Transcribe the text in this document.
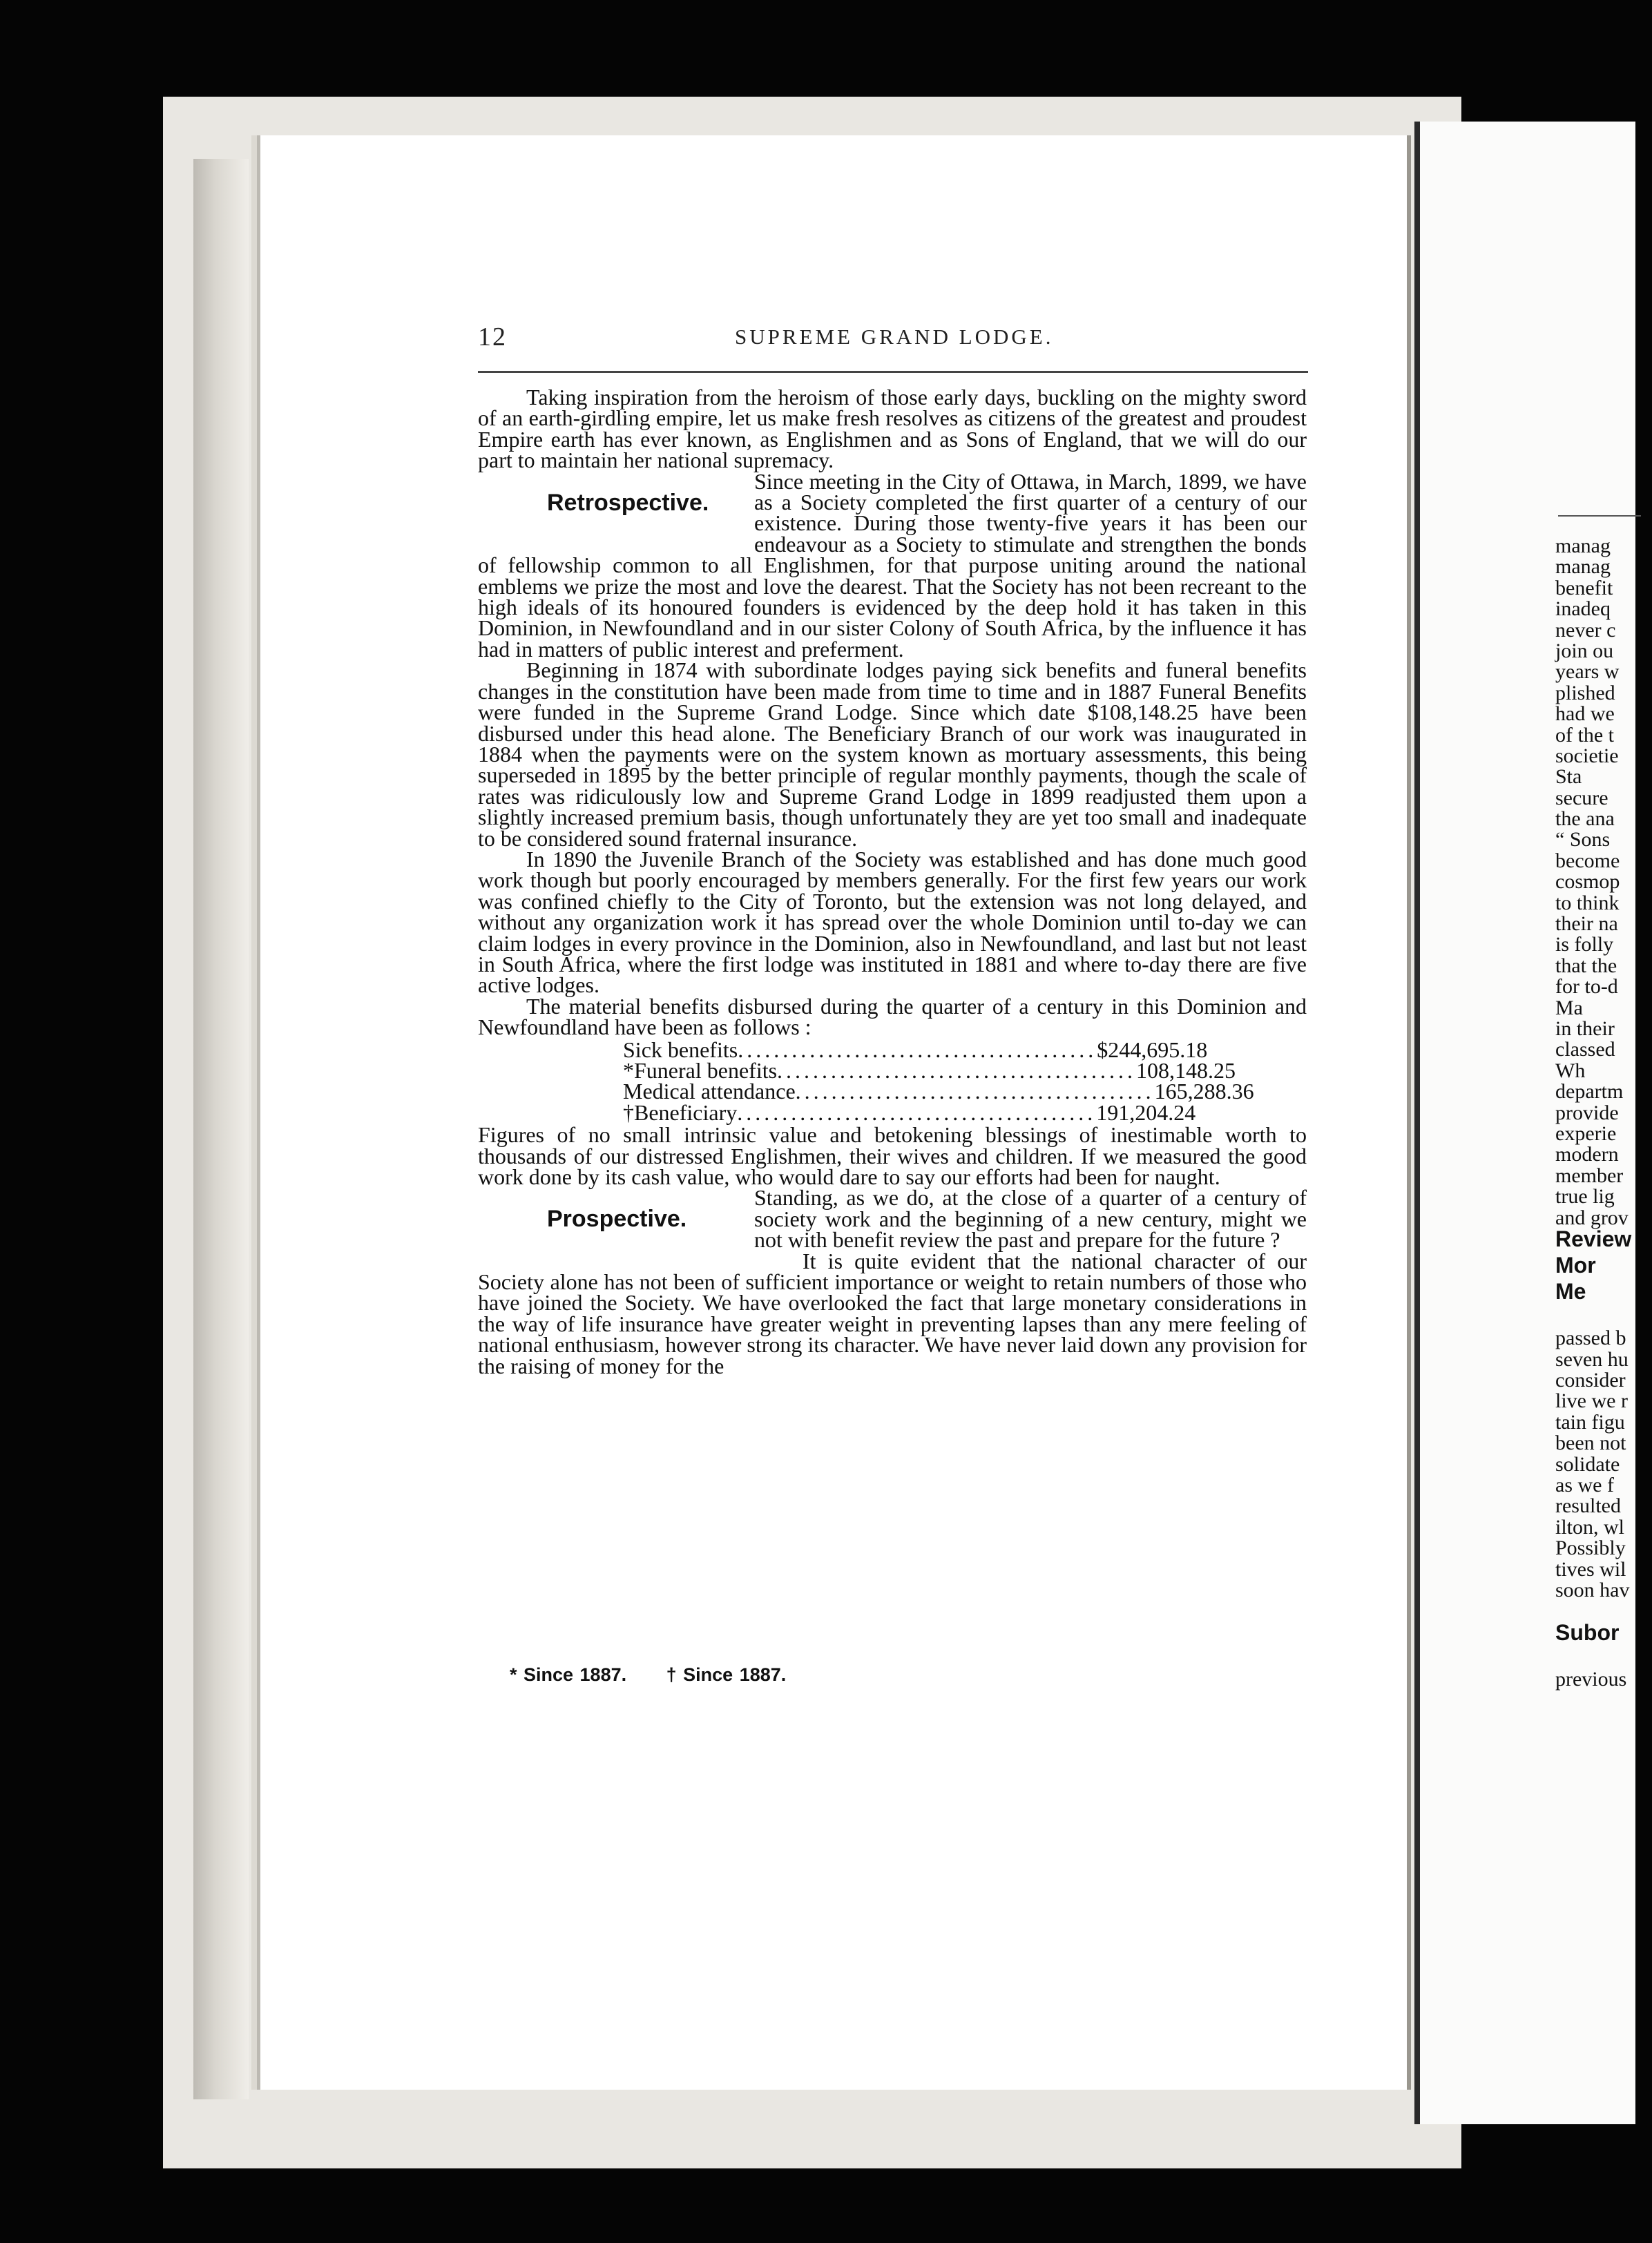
12	SUPREME GRAND LODGE.

Taking inspiration from the heroism of those early days, buckling on the mighty sword of an earth-girdling empire, let us make fresh resolves as citizens of the greatest and proudest Empire earth has ever known, as Englishmen and as Sons of England, that we will do our part to maintain her national supremacy.

Retrospective.
Since meeting in the City of Ottawa, in March, 1899, we have as a Society completed the first quarter of a century of our existence. During those twenty-five years it has been our endeavour as a Society to stimulate and strengthen the bonds of fellowship common to all Englishmen, for that purpose uniting around the national emblems we prize the most and love the dearest. That the Society has not been recreant to the high ideals of its honoured founders is evidenced by the deep hold it has taken in this Dominion, in Newfoundland and in our sister Colony of South Africa, by the influence it has had in matters of public interest and preferment.

Beginning in 1874 with subordinate lodges paying sick benefits and funeral benefits changes in the constitution have been made from time to time and in 1887 Funeral Benefits were funded in the Supreme Grand Lodge. Since which date $108,148.25 have been disbursed under this head alone. The Beneficiary Branch of our work was inaugurated in 1884 when the payments were on the system known as mortuary assessments, this being superseded in 1895 by the better principle of regular monthly payments, though the scale of rates was ridiculously low and Supreme Grand Lodge in 1899 readjusted them upon a slightly increased premium basis, though unfortunately they are yet too small and inadequate to be considered sound fraternal insurance.

In 1890 the Juvenile Branch of the Society was established and has done much good work though but poorly encouraged by members generally. For the first few years our work was confined chiefly to the City of Toronto, but the extension was not long delayed, and without any organization work it has spread over the whole Dominion until to-day we can claim lodges in every province in the Dominion, also in Newfoundland, and last but not least in South Africa, where the first lodge was instituted in 1881 and where to-day there are five active lodges.

The material benefits disbursed during the quarter of a century in this Dominion and Newfoundland have been as follows :

Sick benefits ........................................ $244,695.18
*Funeral benefits ........................................ 108,148.25
Medical attendance ........................................ 165,288.36
†Beneficiary ........................................ 191,204.24

Figures of no small intrinsic value and betokening blessings of inestimable worth to thousands of our distressed Englishmen, their wives and children. If we measured the good work done by its cash value, who would dare to say our efforts had been for naught.

Prospective.
Standing, as we do, at the close of a quarter of a century of society work and the beginning of a new century, might we not with benefit review the past and prepare for the future ?

It is quite evident that the national character of our Society alone has not been of sufficient importance or weight to retain numbers of those who have joined the Society. We have overlooked the fact that large monetary considerations in the way of life insurance have greater weight in preventing lapses than any mere feeling of national enthusiasm, however strong its character. We have never laid down any provision for the raising of money for the

* Since 1887. † Since 1887.
manag
manag
benefit
inadeq
never c
join ou
years w
plished
had we
of the t
societie
Sta
secure
the ana
“ Sons
become
cosmop
to think
their na
is folly
that the
for to-d
Ma
in their
classed
Wh
departm
provide
experie
modern
member
true lig
and grov
Review
Mor
Me
passed b
seven hu
consider
live we r
tain figu
been not
solidate
as we f
resulted
ilton, wl
Possibly
tives wil
soon hav
Subor
previous
